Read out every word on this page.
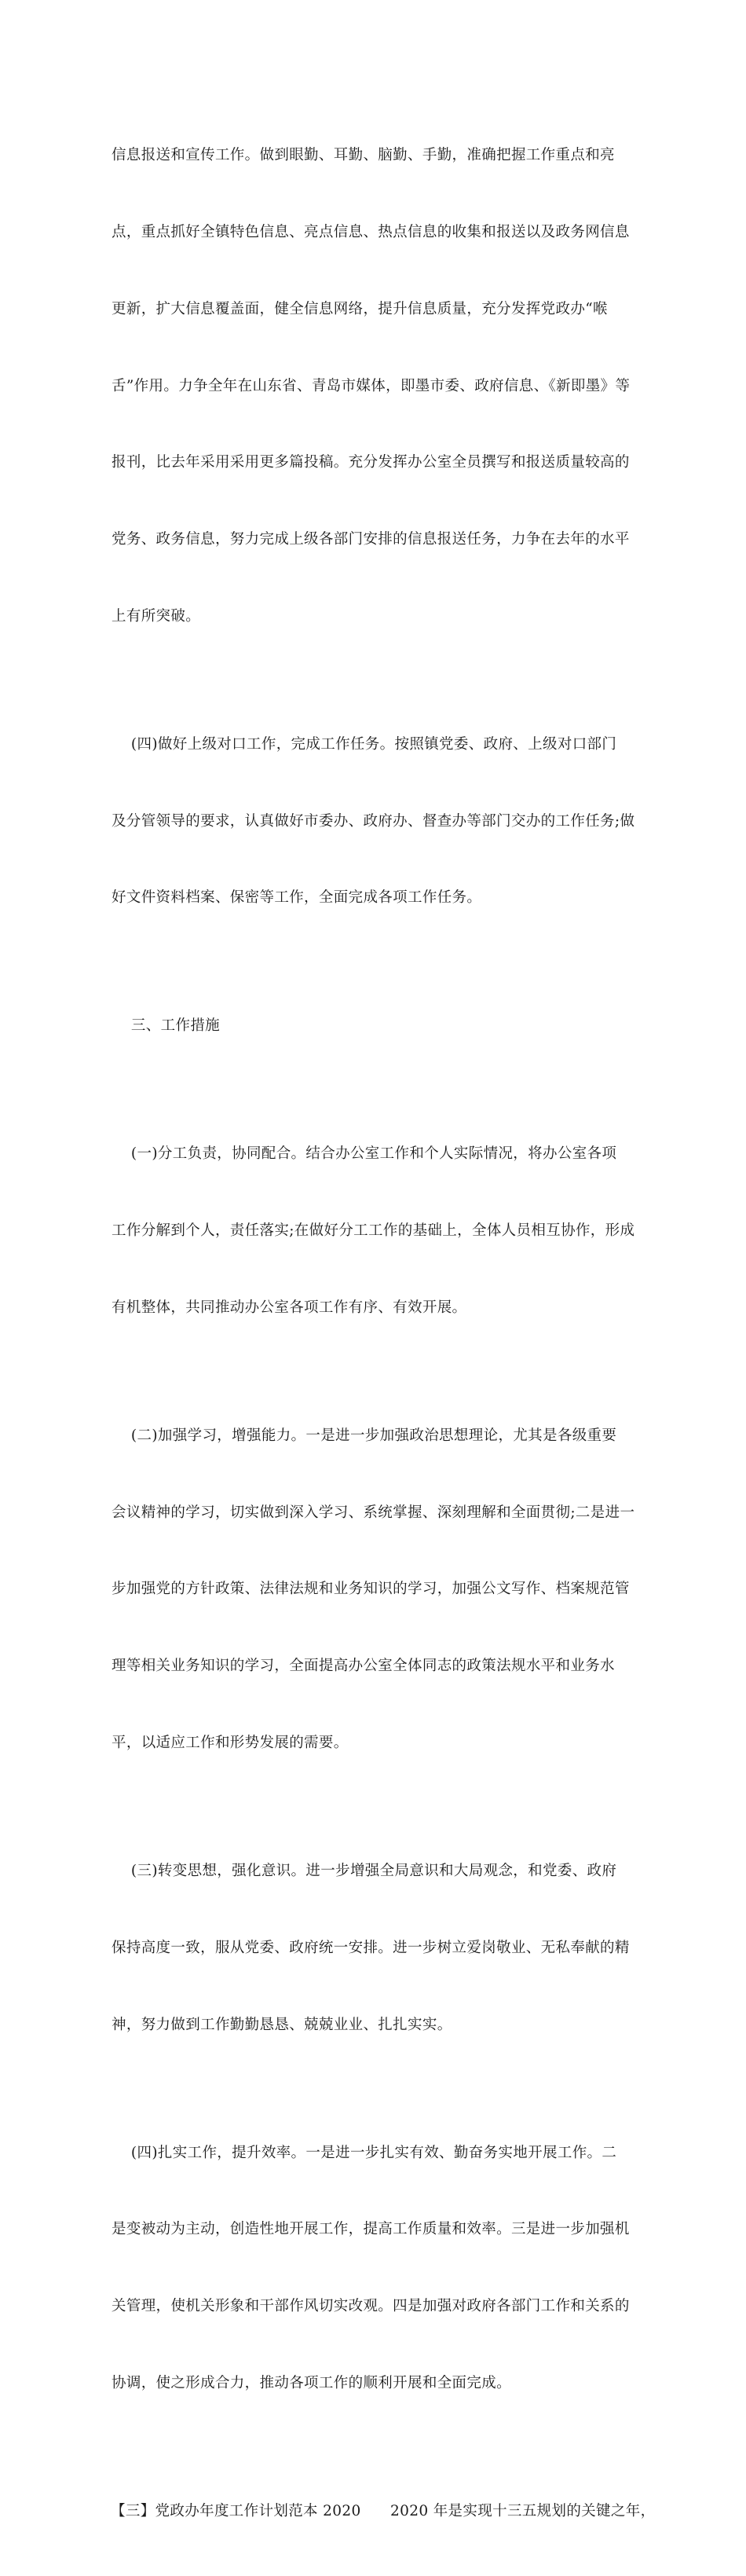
信息报送和宣传工作。做到眼勤、耳勤、脑勤、手勤，准确把握工作重点和亮

点，重点抓好全镇特色信息、亮点信息、热点信息的收集和报送以及政务网信息

更新，扩大信息覆盖面，健全信息网络，提升信息质量，充分发挥党政办“喉

舌”作用。力争全年在山东省、青岛市媒体，即墨市委、政府信息、《新即墨》等

报刊，比去年采用采用更多篇投稿。充分发挥办公室全员撰写和报送质量较高的

党务、政务信息，努力完成上级各部门安排的信息报送任务，力争在去年的水平

上有所突破。

(四)做好上级对口工作，完成工作任务。按照镇党委、政府、上级对口部门

及分管领导的要求，认真做好市委办、政府办、督查办等部门交办的工作任务;做

好文件资料档案、保密等工作，全面完成各项工作任务。

三、工作措施

(一)分工负责，协同配合。结合办公室工作和个人实际情况，将办公室各项

工作分解到个人，责任落实;在做好分工工作的基础上，全体人员相互协作，形成

有机整体，共同推动办公室各项工作有序、有效开展。

(二)加强学习，增强能力。一是进一步加强政治思想理论，尤其是各级重要

会议精神的学习，切实做到深入学习、系统掌握、深刻理解和全面贯彻;二是进一

步加强党的方针政策、法律法规和业务知识的学习，加强公文写作、档案规范管

理等相关业务知识的学习，全面提高办公室全体同志的政策法规水平和业务水

平，以适应工作和形势发展的需要。

(三)转变思想，强化意识。进一步增强全局意识和大局观念，和党委、政府

保持高度一致，服从党委、政府统一安排。进一步树立爱岗敬业、无私奉献的精

神，努力做到工作勤勤恳恳、兢兢业业、扎扎实实。

(四)扎实工作，提升效率。一是进一步扎实有效、勤奋务实地开展工作。二

是变被动为主动，创造性地开展工作，提高工作质量和效率。三是进一步加强机

关管理，使机关形象和干部作风切实改观。四是加强对政府各部门工作和关系的

协调，使之形成合力，推动各项工作的顺利开展和全面完成。

【三】党政办年度工作计划范本 2020      2020 年是实现十三五规划的关键之年，
